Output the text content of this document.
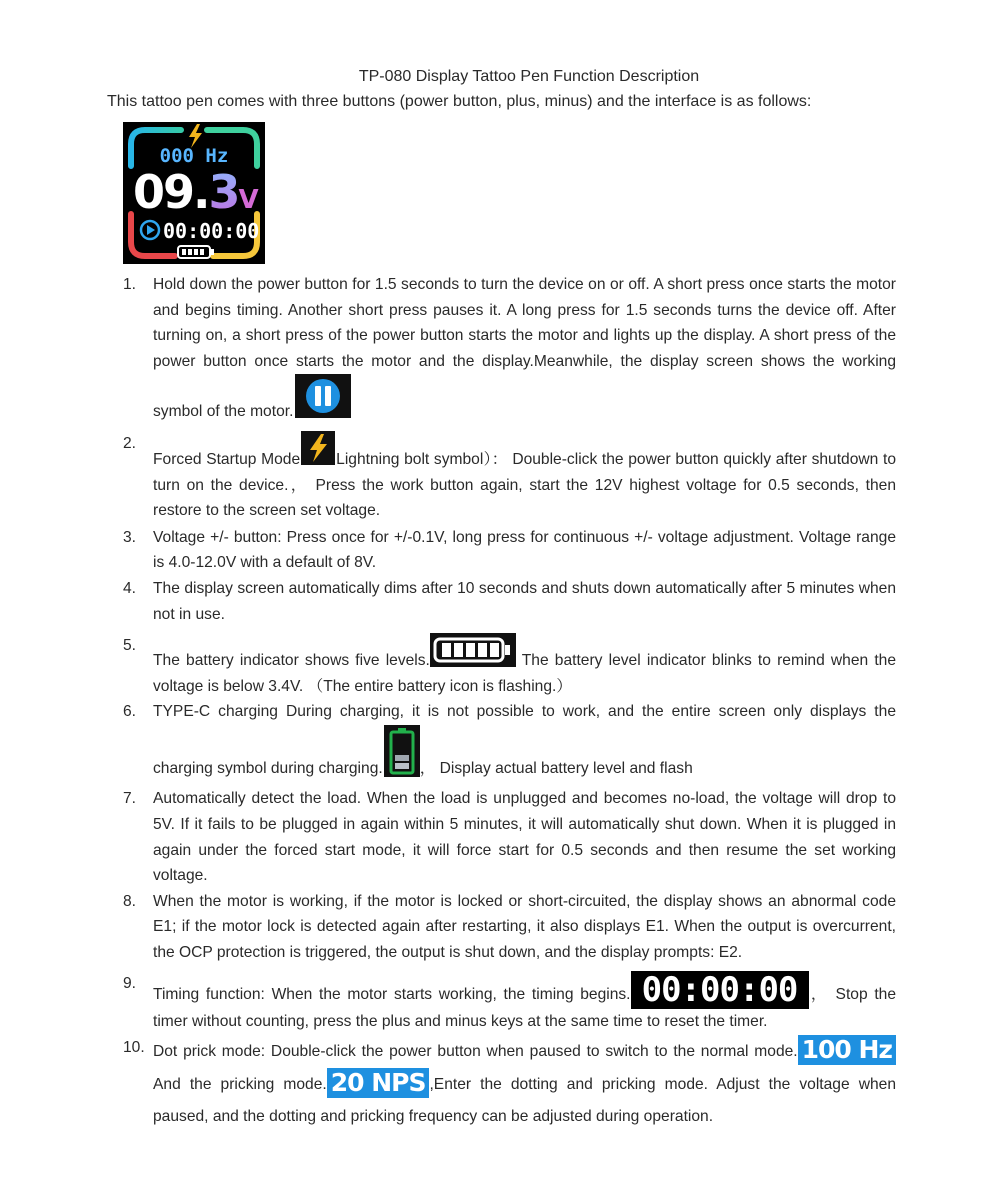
TP-080 Display Tattoo Pen Function Description
This tattoo pen comes with three buttons (power button, plus, minus) and the interface is as follows:
000 Hz
09.3V
00:00:00
1.	Hold down the power button for 1.5 seconds to turn the device on or off. A short press once starts the motor and begins timing. Another short press pauses it. A long press for 1.5 seconds turns the device off. After turning on, a short press of the power button starts the motor and lights up the display. A short press of the power button once starts the motor and the display.Meanwhile, the display screen shows the working symbol of the motor.
2.
Forced Startup Mode Lightning bolt symbol）： Double-click the power button quickly after shutdown to turn on the device.， Press the work button again, start the 12V highest voltage for 0.5 seconds, then restore to the screen set voltage.
3.	Voltage +/- button: Press once for +/-0.1V, long press for continuous +/- voltage adjustment. Voltage range is 4.0-12.0V with a default of 8V.
4.	The display screen automatically dims after 10 seconds and shuts down automatically after 5 minutes when not in use.
5.
The battery indicator shows five levels.	The battery level indicator blinks to remind when the voltage is below 3.4V. （The entire battery icon is flashing.）
6.	TYPE-C charging During charging, it is not possible to work, and the entire screen only displays the charging symbol during charging. ， Display actual battery level and flash
7.	Automatically detect the load. When the load is unplugged and becomes no-load, the voltage will drop to 5V. If it fails to be plugged in again within 5 minutes, it will automatically shut down. When it is plugged in again under the forced start mode, it will force start for 0.5 seconds and then resume the set working voltage.
8.	When the motor is working, if the motor is locked or short-circuited, the display shows an abnormal code E1; if the motor lock is detected again after restarting, it also displays E1. When the output is overcurrent, the OCP protection is triggered, the output is shut down, and the display prompts: E2.
9.
Timing function: When the motor starts working, the timing begins. 00:00:00 ， Stop the timer without counting, press the plus and minus keys at the same time to reset the timer.
10. Dot prick mode: Double-click the power button when paused to switch to the normal mode. 100 HzAnd the pricking mode. 20 NPS ,Enter the dotting and pricking mode. Adjust the voltage when paused, and the dotting and pricking frequency can be adjusted during operation.
